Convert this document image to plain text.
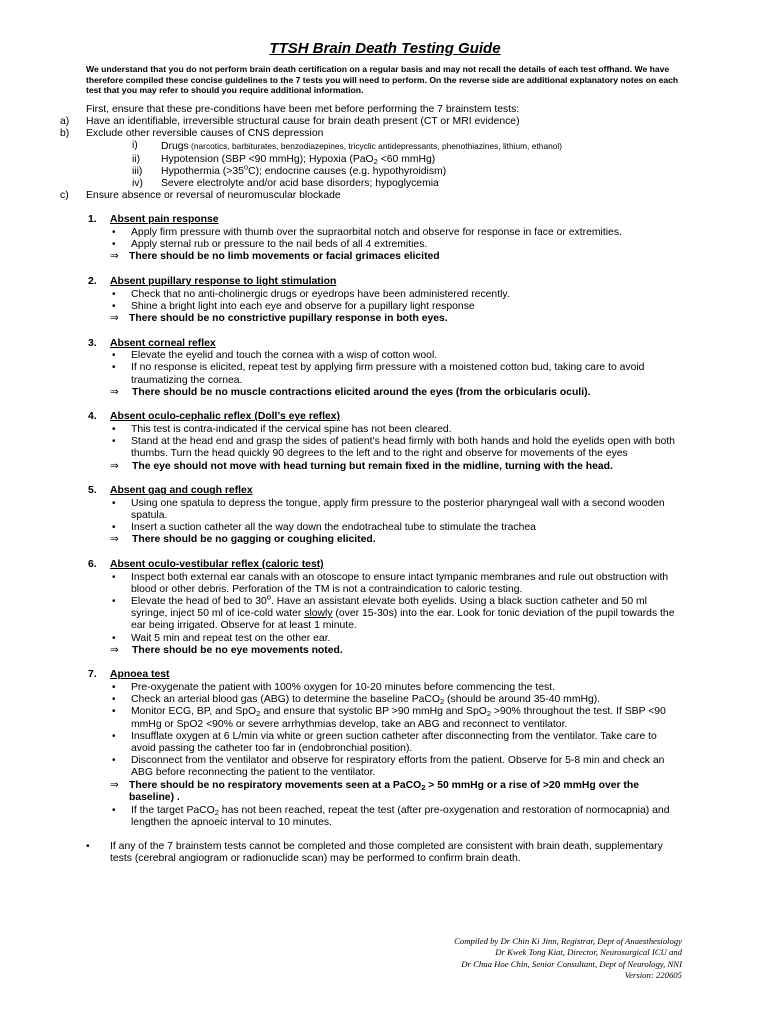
TTSH Brain Death Testing Guide
We understand that you do not perform brain death certification on a regular basis and may not recall the details of each test offhand. We have therefore compiled these concise guidelines to the 7 tests you will need to perform. On the reverse side are additional explanatory notes on each test that you may refer to should you require additional information.
First, ensure that these pre-conditions have been met before performing the 7 brainstem tests:
a)	Have an identifiable, irreversible structural cause for brain death present (CT or MRI evidence)
b)	Exclude other reversible causes of CNS depression
i)	Drugs (narcotics, barbiturates, benzodiazepines, tricyclic antidepressants, phenothiazines, lithium, ethanol)
ii)	Hypotension (SBP <90 mmHg); Hypoxia (PaO$_2$ <60 mmHg)
iii)	Hypothermia $(>35^oC)$; endocrine causes (e.g. hypothyroidism)
iv)	Severe electrolyte and/or acid base disorders; hypoglycemia
c)	Ensure absence or reversal of neuromuscular blockade
1.	Absent pain response
•
Apply firm pressure with thumb over the supraorbital notch and observe for response in face or extremities.
•
Apply sternal rub or pressure to the nail beds of all 4 extremities.
⇒ There should be no limb movements or facial grimaces elicited
2.	Absent pupillary response to light stimulation
•
Check that no anti-cholinergic drugs or eyedrops have been administered recently.
•
Shine a bright light into each eye and observe for a pupillary light response
⇒ There should be no constrictive pupillary response in both eyes.
3.	Absent corneal reflex
•
Elevate the eyelid and touch the cornea with a wisp of cotton wool.
•
If no response is elicited, repeat test by applying firm pressure with a moistened cotton bud, taking care to avoid traumatizing the cornea.
⇒	There should be no muscle contractions elicited around the eyes (from the orbicularis oculi).
4.	Absent oculo-cephalic reflex (Doll’s eye reflex)
•
This test is contra-indicated if the cervical spine has not been cleared.
•
Stand at the head end and grasp the sides of patient’s head firmly with both hands and hold the eyelids open with both thumbs. Turn the head quickly 90 degrees to the left and to the right and observe for movements of the eyes
⇒	The eye should not move with head turning but remain fixed in the midline, turning with the head.
5.	Absent gag and cough reflex
•
Using one spatula to depress the tongue, apply firm pressure to the posterior pharyngeal wall with a second wooden spatula.
•
Insert a suction catheter all the way down the endotracheal tube to stimulate the trachea
⇒	There should be no gagging or coughing elicited.
6.	Absent oculo-vestibular reflex (caloric test)
•
Inspect both external ear canals with an otoscope to ensure intact tympanic membranes and rule out obstruction with blood or other debris. Perforation of the TM is not a contraindication to caloric testing.
•
Elevate the head of bed to 30$^o$. Have an assistant elevate both eyelids. Using a black suction catheter and 50 ml syringe, inject 50 ml of ice-cold water slowly (over 15-30s) into the ear. Look for tonic deviation of the pupil towards the ear being irrigated. Observe for at least 1 minute.
•
Wait 5 min and repeat test on the other ear.
⇒	There should be no eye movements noted.
7.	Apnoea test
•
Pre-oxygenate the patient with 100% oxygen for 10-20 minutes before commencing the test.
•
Check an arterial blood gas (ABG) to determine the baseline PaCO$_2$ (should be around 35-40 mmHg).
•
Monitor ECG, BP, and SpO$_2$ and ensure that systolic BP >90 mmHg and SpO$_2$ >90% throughout the test. If SBP <90 mmHg or SpO2 <90% or severe arrhythmias develop, take an ABG and reconnect to ventilator.
•
Insufflate oxygen at 6 L/min via white or green suction catheter after disconnecting from the ventilator. Take care to avoid passing the catheter too far in (endobronchial position).
•
Disconnect from the ventilator and observe for respiratory efforts from the patient. Observe for 5-8 min and check an ABG before reconnecting the patient to the ventilator.
⇒ There should be no respiratory movements seen at a PaCO$_2$ > 50 mmHg or a rise of >20 mmHg over the baseline) .
•
If the target PaCO$_2$ has not been reached, repeat the test (after pre-oxygenation and restoration of normocapnia) and lengthen the apnoeic interval to 10 minutes.
•
If any of the 7 brainstem tests cannot be completed and those completed are consistent with brain death, supplementary tests (cerebral angiogram or radionuclide scan) may be performed to confirm brain death.
Compiled by Dr Chin Ki Jinn, Registrar, Dept of Anaesthesiology
Dr Kwek Tong Kiat, Director, Neurosurgical ICU and
Dr Chua Hoe Chin, Senior Consultant, Dept of Neurology, NNI
Version: 220605
